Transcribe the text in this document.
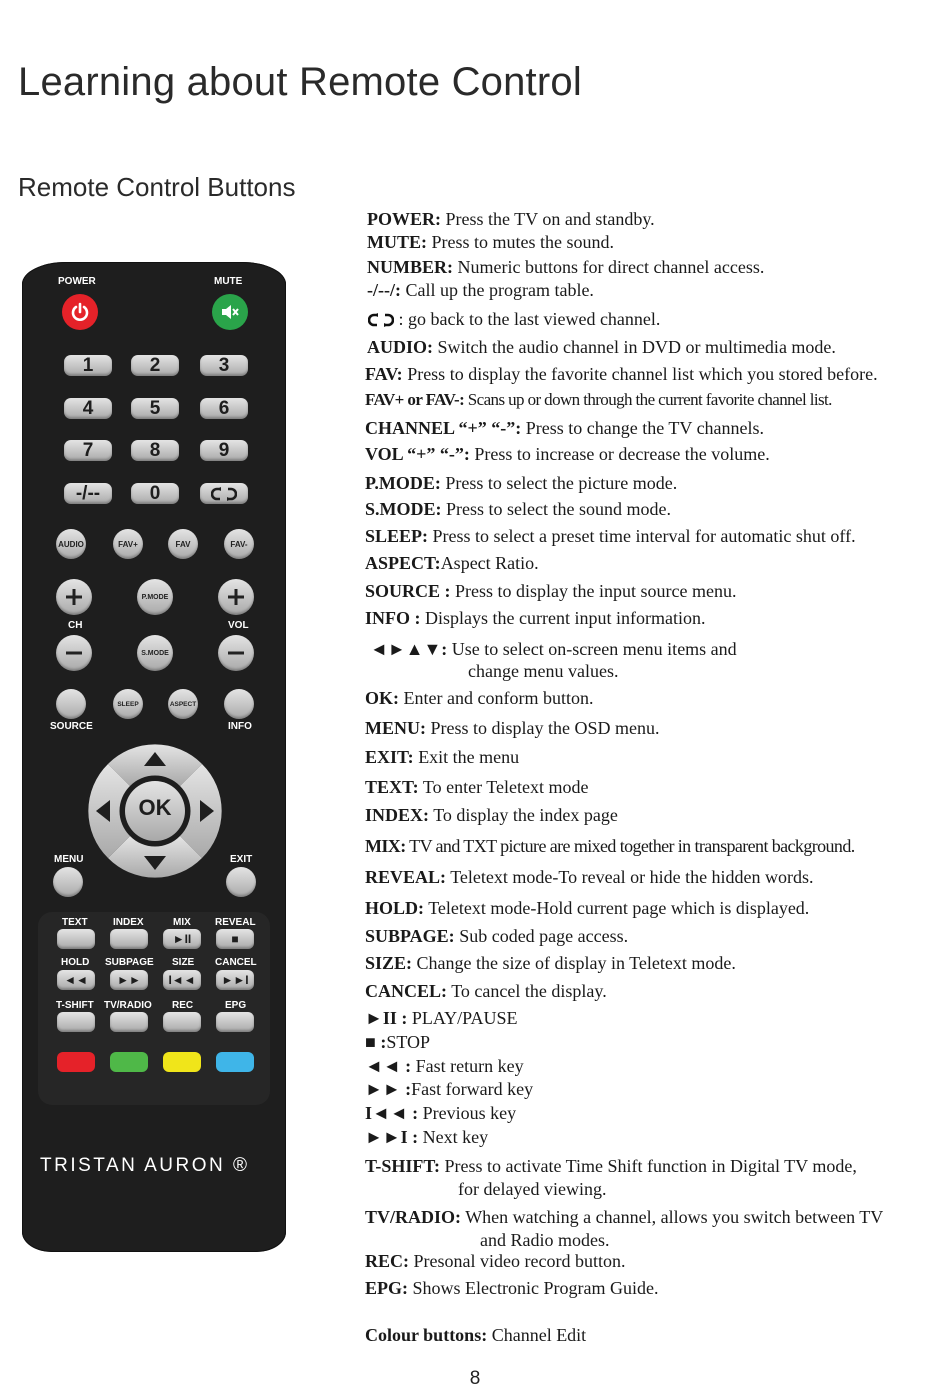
Learning about Remote Control
Remote Control Buttons
POWER	MUTE
1	2	3
4	5	6
7	8	9
-/--	0
AUDIO	FAV+	FAV	FAV-
P.MODE
CH	VOL
S.MODE
SLEEP	ASPECT
SOURCE	INFO
OK
MENU	EXIT
TEXT	INDEX	MIX REVEAL
►II	■
HOLD SUBPAGE SIZE CANCEL
◄◄	►►	I◄◄	►►I
T-SHIFT TV/RADIO REC	EPG
TRISTAN AURON ®
POWER: Press the TV on and standby.
MUTE: Press to mutes the sound.
NUMBER: Numeric buttons for direct channel access.
-/--/: Call up the program table.
: go back to the last viewed channel.
AUDIO: Switch the audio channel in DVD or multimedia mode.
FAV: Press to display the favorite channel list which you stored before.
FAV+ or FAV-: Scans up or down through the current favorite channel list.
CHANNEL “+” “-”: Press to change the TV channels.
VOL “+” “-”: Press to increase or decrease the volume.
P.MODE: Press to select the picture mode.
S.MODE: Press to select the sound mode.
SLEEP: Press to select a preset time interval for automatic shut off.
ASPECT:Aspect Ratio.
SOURCE : Press to display the input source menu.
INFO : Displays the current input information.
◄►▲▼: Use to select on-screen menu items and
change menu values.
OK: Enter and conform button.
MENU: Press to display the OSD menu.
EXIT: Exit the menu
TEXT: To enter Teletext mode
INDEX: To display the index page
MIX: TV and TXT picture are mixed together in transparent background.
REVEAL: Teletext mode-To reveal or hide the hidden words.
HOLD: Teletext mode-Hold current page which is displayed.
SUBPAGE: Sub coded page access.
SIZE: Change the size of display in Teletext mode.
CANCEL: To cancel the display.
►II : PLAY/PAUSE
■ :STOP
◄◄ : Fast return key
►► :Fast forward key
I◄◄ : Previous key
►►I : Next key
T-SHIFT: Press to activate Time Shift function in Digital TV mode,
for delayed viewing.
TV/RADIO: When watching a channel, allows you switch between TV
and Radio modes.
REC: Presonal video record button.
EPG: Shows Electronic Program Guide.
Colour buttons: Channel Edit
8
